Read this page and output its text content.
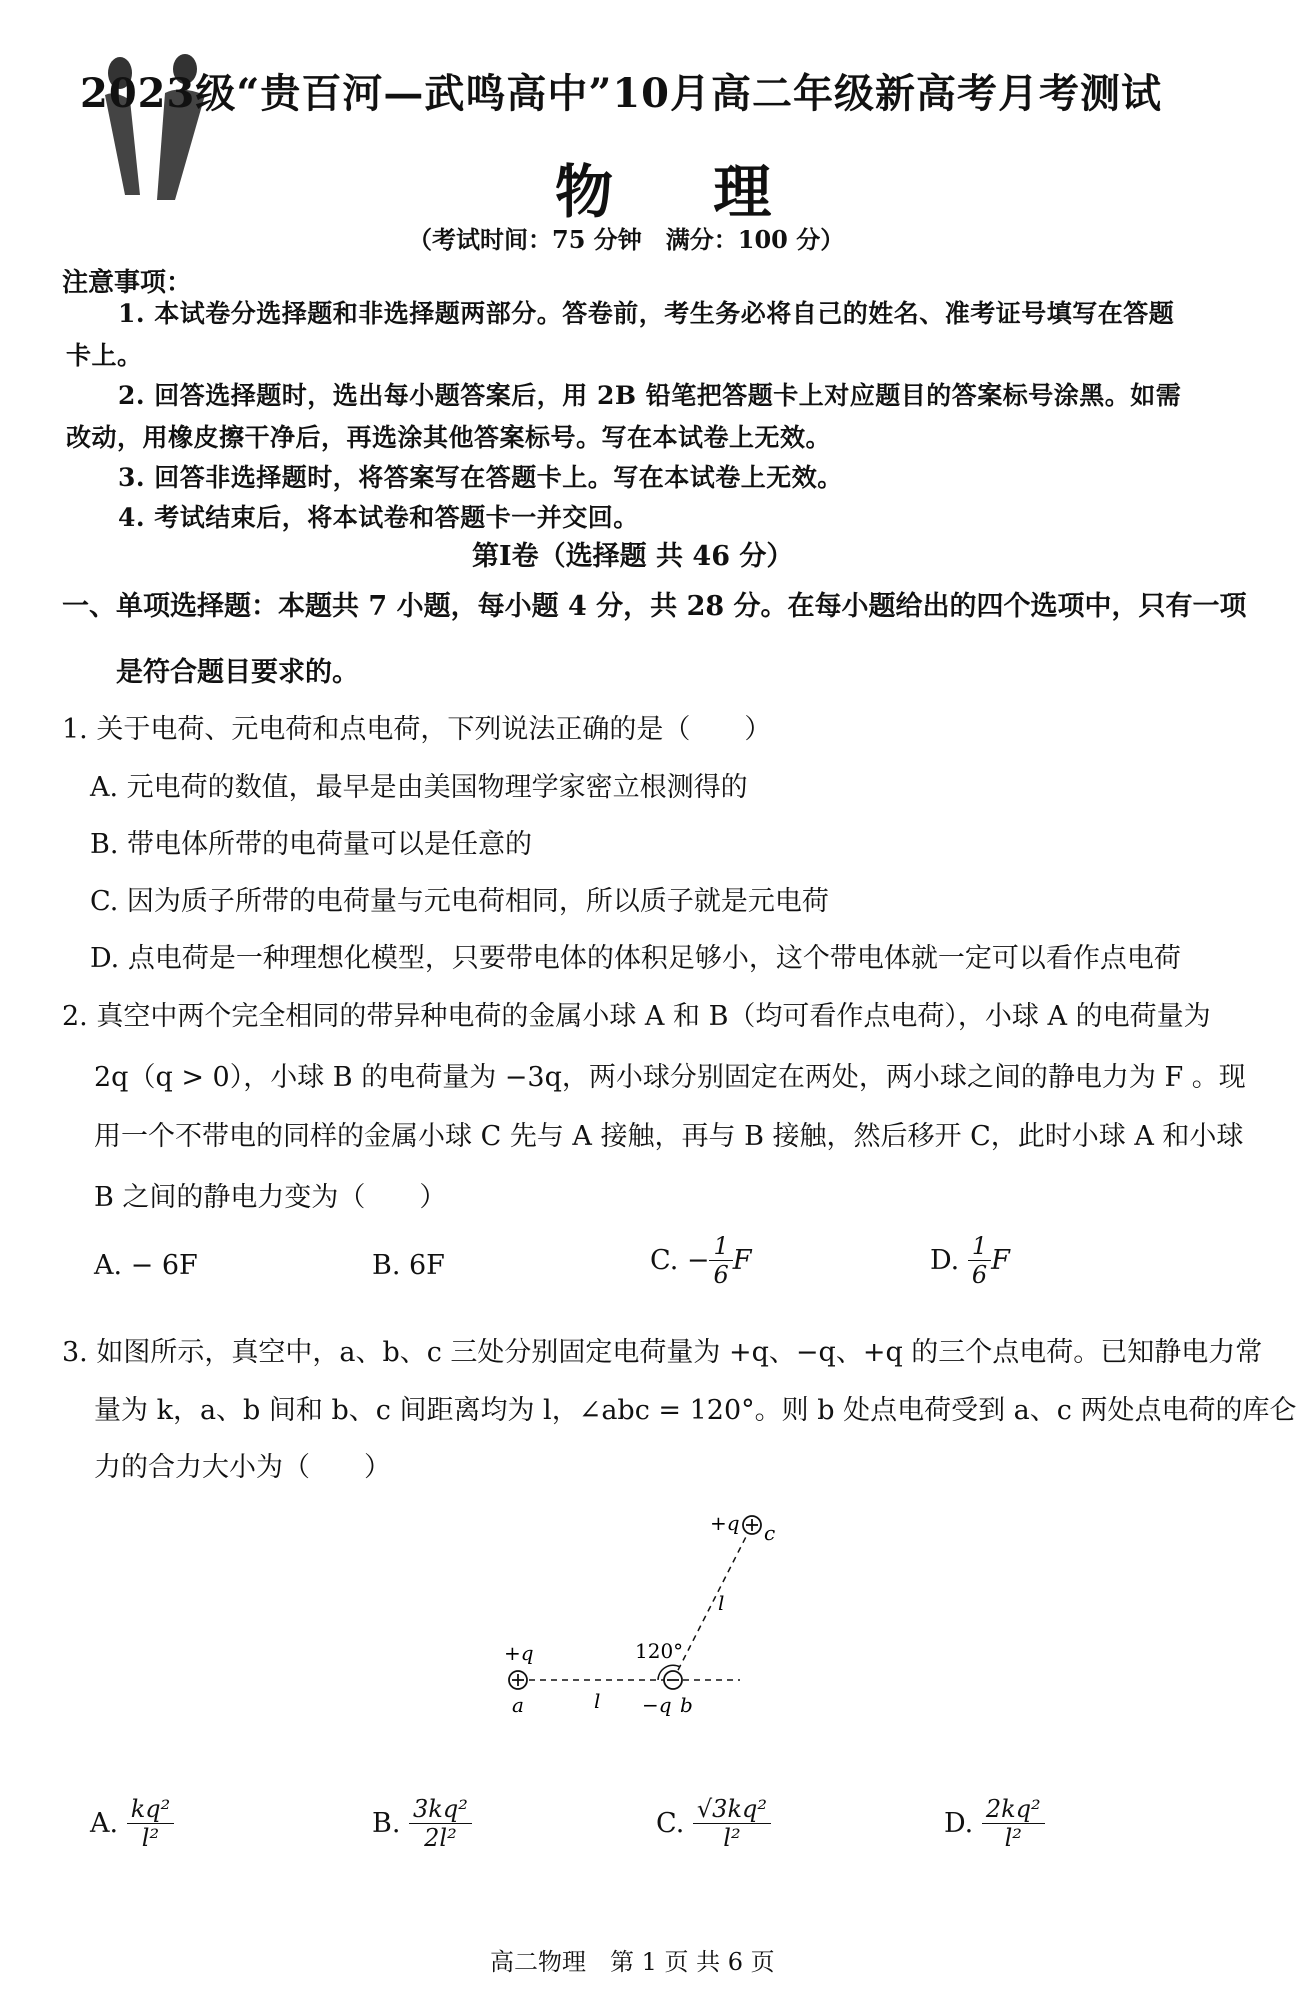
2023级“贵百河—武鸣高中”10月高二年级新高考月考测试
物 理
（考试时间：75 分钟　满分：100 分）
注意事项：
1. 本试卷分选择题和非选择题两部分。答卷前，考生务必将自己的姓名、准考证号填写在答题
卡上。
2. 回答选择题时，选出每小题答案后，用 2B 铅笔把答题卡上对应题目的答案标号涂黑。如需
改动，用橡皮擦干净后，再选涂其他答案标号。写在本试卷上无效。
3. 回答非选择题时，将答案写在答题卡上。写在本试卷上无效。
4. 考试结束后，将本试卷和答题卡一并交回。
第Ⅰ卷（选择题 共 46 分）
一、单项选择题：本题共 7 小题，每小题 4 分，共 28 分。在每小题给出的四个选项中，只有一项
是符合题目要求的。
1. 关于电荷、元电荷和点电荷，下列说法正确的是（　　）
A. 元电荷的数值，最早是由美国物理学家密立根测得的
B. 带电体所带的电荷量可以是任意的
C. 因为质子所带的电荷量与元电荷相同，所以质子就是元电荷
D. 点电荷是一种理想化模型，只要带电体的体积足够小，这个带电体就一定可以看作点电荷
2. 真空中两个完全相同的带异种电荷的金属小球 A 和 B（均可看作点电荷），小球 A 的电荷量为
2q（q > 0），小球 B 的电荷量为 −3q，两小球分别固定在两处，两小球之间的静电力为 F 。现
用一个不带电的同样的金属小球 C 先与 A 接触，再与 B 接触，然后移开 C，此时小球 A 和小球
B 之间的静电力变为（　　）
A. − 6F	B. 6F	C. − $\frac{1}{6}$ F	D. $\frac{1}{6}$ F
3. 如图所示，真空中，a、b、c 三处分别固定电荷量为 +q、−q、+q 的三个点电荷。已知静电力常
量为 k，a、b 间和 b、c 间距离均为 l，∠abc = 120°。则 b 处点电荷受到 a、c 两处点电荷的库仑
力的合力大小为（　　）
+q c
+q
a	−q b
120°
l
l
A. $\frac{\text{kq²}}{\text{l²}}$	B. $\frac{\text{3kq²}}{\text{2l²}}$	C. $\frac{\text{√3kq²}}{\text{l²}}$	D. $\frac{\text{2kq²}}{\text{l²}}$
高二物理　第 1 页 共 6 页
